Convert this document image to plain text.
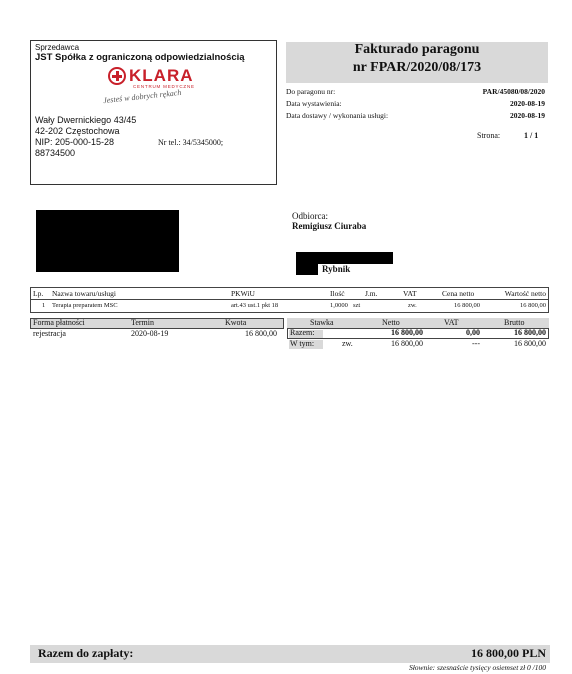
Sprzedawca
JST Spółka z ograniczoną odpowiedzialnością
KLARA
CENTRUM MEDYCZNE
Jesteś w dobrych rękach
Wały Dwernickiego 43/45
42-202 Częstochowa
NIP: 205-000-15-28	Nr tel.: 34/5345000;
88734500
Fakturado paragonu
nr FPAR/2020/08/173
Do paragonu nr:	PAR/45080/08/2020
Data wystawienia:	2020-08-19
Data dostawy / wykonania usługi:	2020-08-19
Strona:	1 / 1
Odbiorca:
Remigiusz Ciuraba
Rybnik
Lp. Nazwa towaru/usługi	PKWiU	Ilość	J.m.	VAT	Cena netto	Wartość netto
1 Terapia preparatem MSC	art.43 ust.1 pkt 18	1,0000 szt	zw.	16 800,00	16 800,00
Forma płatności	Termin	Kwota
rejestracja	2020-08-19	16 800,00
Stawka	Netto	VAT	Brutto
Razem:	16 800,00	0,00	16 800,00
W tym:	zw.	16 800,00	---	16 800,00
Razem do zapłaty:	16 800,00 PLN
Słownie: szesnaście tysięcy osiemset zł 0 /100
